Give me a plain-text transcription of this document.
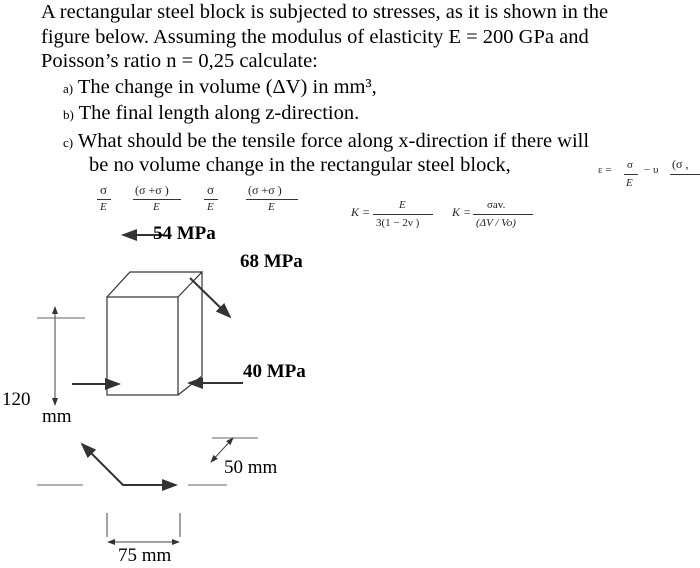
A rectangular steel block is subjected to stresses, as it is shown in the
figure below. Assuming the modulus of elasticity E = 200 GPa and
Poisson’s ratio n = 0,25 calculate:
a) The change in volume (ΔV) in mm³,
b) The final length along z-direction.
c) What should be the tensile force along x-direction if there will
be no volume change in the rectangular steel block,
σ
E
(σ +σ )
E
σ
E
(σ +σ )
E
ε = σ
E
− υ (σ ,
K =	E
3(1 − 2ν )
K = σav.
(ΔV / Vo)
54 MPa
68 MPa
40 MPa
120
mm
50 mm
75 mm
